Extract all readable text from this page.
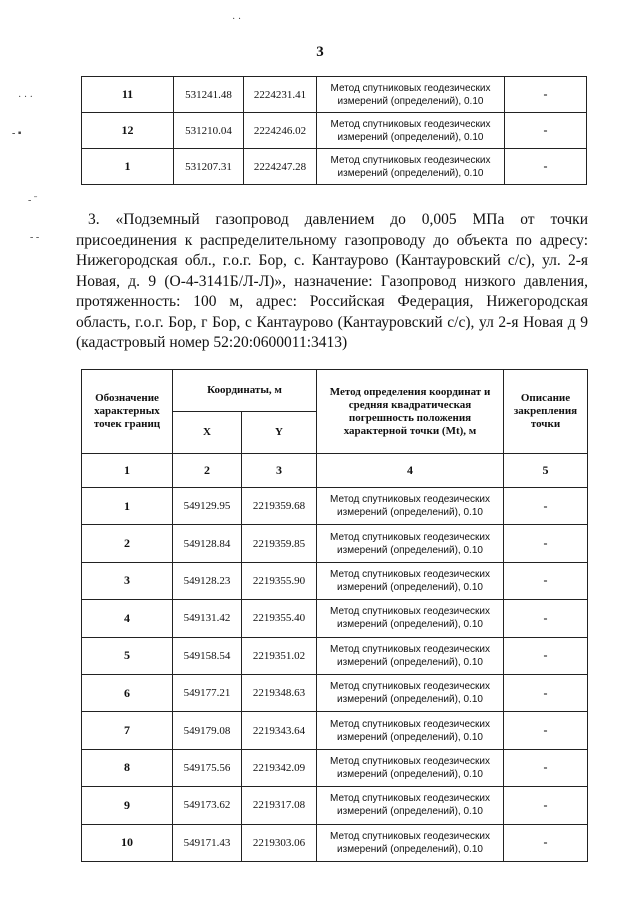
· · ·
- ▪
- ˉ
- -
· ·
3
11	531241.48	2224231.41	Метод спутниковых геодезических измерений (определений), 0.10	-
12	531210.04	2224246.02	Метод спутниковых геодезических измерений (определений), 0.10	-
1	531207.31	2224247.28	Метод спутниковых геодезических измерений (определений), 0.10	-

3. «Подземный газопровод давлением до 0,005 МПа от точки присоединения к распределительному газопроводу до объекта по адресу: Нижегородская обл., г.о.г. Бор, с. Кантаурово (Кантауровский с/с), ул. 2-я Новая, д. 9 (О-4-3141Б/Л-Л)», назначение: Газопровод низкого давления, протяженность: 100 м, адрес: Российская Федерация, Нижегородская область, г.о.г. Бор, г Бор, с Кантаурово (Кантауровский с/с), ул 2-я Новая д 9 (кадастровый номер 52:20:0600011:3413)

Обозначение характерных точек границ	Координаты, м		Метод определения координат и средняя квадратическая погрешность положения характерной точки (Mt), м	Описание закрепления точки
	X	Y		
1	2	3	4	5
1	549129.95	2219359.68	Метод спутниковых геодезических измерений (определений), 0.10	-
2	549128.84	2219359.85	Метод спутниковых геодезических измерений (определений), 0.10	-
3	549128.23	2219355.90	Метод спутниковых геодезических измерений (определений), 0.10	-
4	549131.42	2219355.40	Метод спутниковых геодезических измерений (определений), 0.10	-
5	549158.54	2219351.02	Метод спутниковых геодезических измерений (определений), 0.10	-
6	549177.21	2219348.63	Метод спутниковых геодезических измерений (определений), 0.10	-
7	549179.08	2219343.64	Метод спутниковых геодезических измерений (определений), 0.10	-
8	549175.56	2219342.09	Метод спутниковых геодезических измерений (определений), 0.10	-
9	549173.62	2219317.08	Метод спутниковых геодезических измерений (определений), 0.10	-
10	549171.43	2219303.06	Метод спутниковых геодезических измерений (определений), 0.10	-
